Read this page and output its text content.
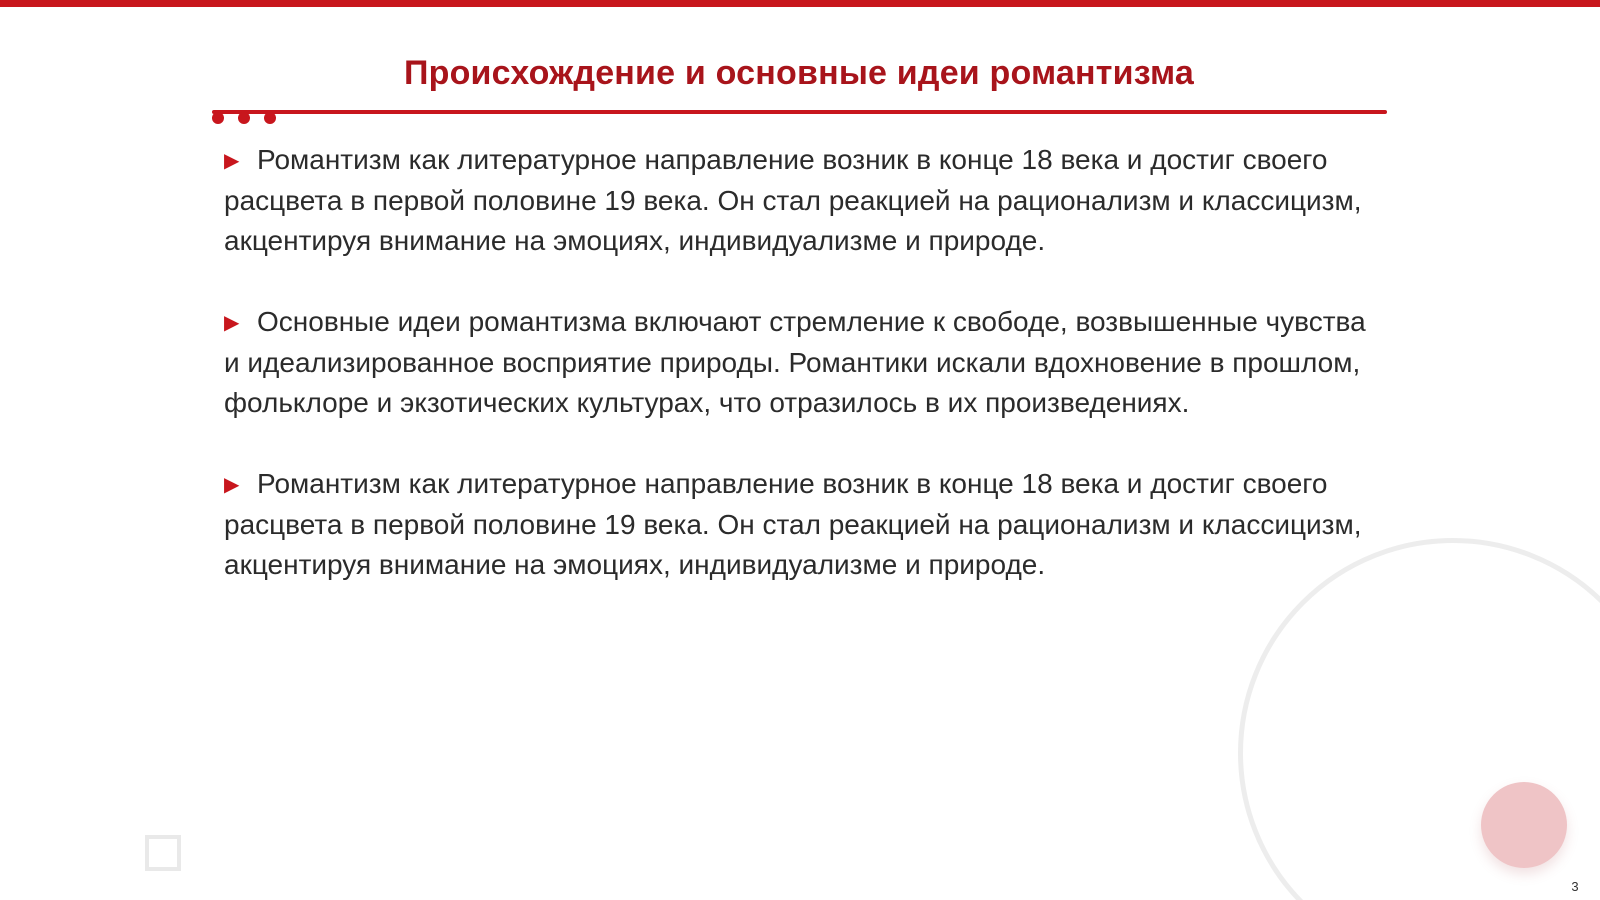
Происхождение и основные идеи романтизма

▶ Романтизм как литературное направление возник в конце 18 века и достиг своего расцвета в первой половине 19 века. Он стал реакцией на рационализм и классицизм, акцентируя внимание на эмоциях, индивидуализме и природе.

▶ Основные идеи романтизма включают стремление к свободе, возвышенные чувства и идеализированное восприятие природы. Романтики искали вдохновение в прошлом, фольклоре и экзотических культурах, что отразилось в их произведениях.

▶ Романтизм как литературное направление возник в конце 18 века и достиг своего расцвета в первой половине 19 века. Он стал реакцией на рационализм и классицизм, акцентируя внимание на эмоциях, индивидуализме и природе.

3
